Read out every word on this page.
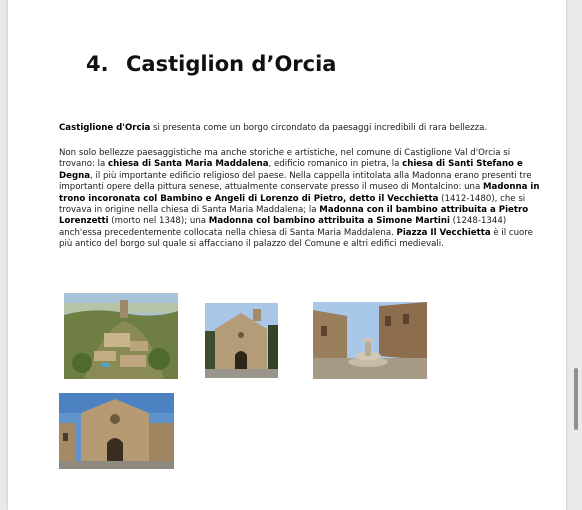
4. Castiglion d’Orcia

Castiglione d'Orcia si presenta come un borgo circondato da paesaggi incredibili di rara bellezza.

Non solo bellezze paesaggistiche ma anche storiche e artistiche, nel comune di Castiglione Val d'Orcia si trovano: la chiesa di Santa Maria Maddalena, edificio romanico in pietra, la chiesa di Santi Stefano e Degna, il più importante edificio religioso del paese. Nella cappella intitolata alla Madonna erano presenti tre importanti opere della pittura senese, attualmente conservate presso il museo di Montalcino: una Madonna in trono incoronata col Bambino e Angeli di Lorenzo di Pietro, detto il Vecchietta (1412-1480), che si trovava in origine nella chiesa di Santa Maria Maddalena; la Madonna con il bambino attribuita a Pietro Lorenzetti (morto nel 1348); una Madonna col bambino attribuita a Simone Martini (1248-1344) anch'essa precedentemente collocata nella chiesa di Santa Maria Maddalena. Piazza Il Vecchietta è il cuore più antico del borgo sul quale si affacciano il palazzo del Comune e altri edifici medievali.
